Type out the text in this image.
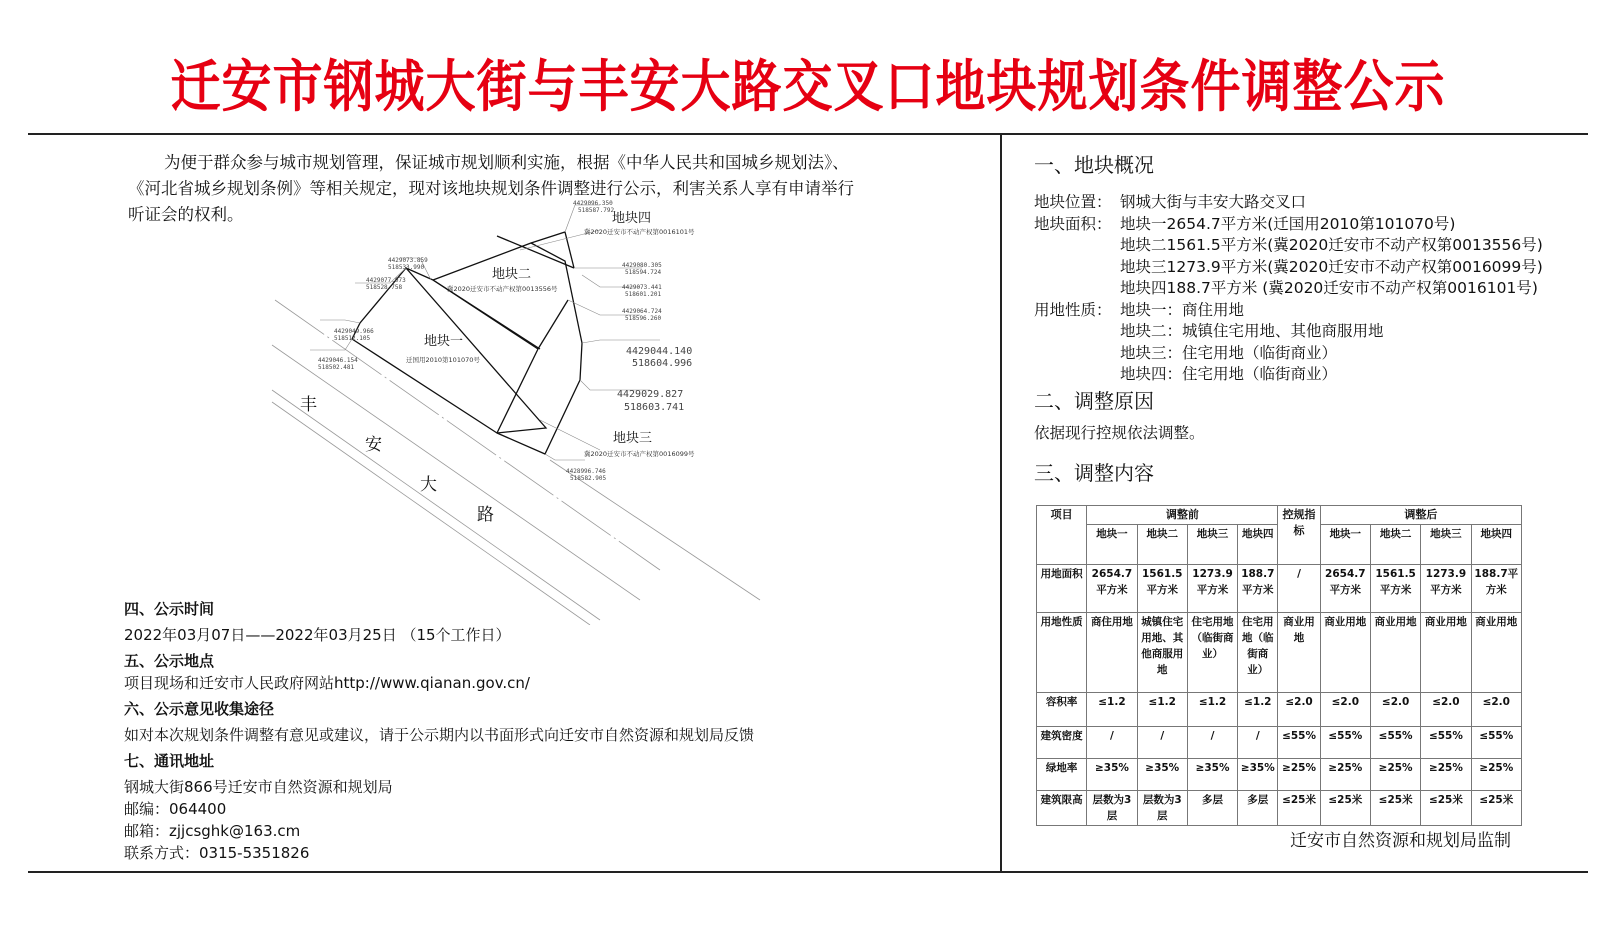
迁安市钢城大街与丰安大路交叉口地块规划条件调整公示
为便于群众参与城市规划管理，保证城市规划顺利实施，根据《中华人民共和国城乡规划法》、
《河北省城乡规划条例》等相关规定，现对该地块规划条件调整进行公示，利害关系人享有申请举行
听证会的权利。	地块四
冀2020迁安市不动产权第0016101号
地块二
冀2020迁安市不动产权第0013556号
地块一
迁国用2010第101070号
地块三
冀2020迁安市不动产权第0016099号
丰
安
大
路
4429096.350
518587.792
4429073.859
518533.990
4429077.073
518528.758
4429080.305
518594.724
4429073.441
518601.201
4429064.724
518596.260
4429049.966
518512.105
4429046.154
518502.481
4429044.140
518604.996
4429029.827
518603.741
4428996.746
518582.905
四、公示时间
2022年03月07日——2022年03月25日 （15个工作日）
五、公示地点
项目现场和迁安市人民政府网站http://www.qianan.gov.cn/
六、公示意见收集途径
如对本次规划条件调整有意见或建议，请于公示期内以书面形式向迁安市自然资源和规划局反馈
七、通讯地址
钢城大街866号迁安市自然资源和规划局
邮编：064400
邮箱：zjjcsghk@163.cm
联系方式：0315-5351826
一、地块概况
地块位置： 钢城大街与丰安大路交叉口
地块面积： 地块一2654.7平方米(迁国用2010第101070号)
地块二1561.5平方米(冀2020迁安市不动产权第0013556号)
地块三1273.9平方米(冀2020迁安市不动产权第0016099号)
地块四188.7平方米 (冀2020迁安市不动产权第0016101号)
用地性质： 地块一：商住用地
地块二：城镇住宅用地、其他商服用地
地块三：住宅用地（临街商业）
地块四：住宅用地（临街商业）
二、调整原因
依据现行控规依法调整。
三、调整内容
项目	调整前				控规指标	调整后			
	地块一	地块二	地块三	地块四		地块一	地块二	地块三	地块四
用地面积	2654.7平方米	1561.5平方米	1273.9平方米	188.7平方米	/	2654.7平方米	1561.5平方米	1273.9平方米	188.7平方米
用地性质	商住用地	城镇住宅用地、其他商服用地	住宅用地（临街商业）	住宅用地（临街商业）	商业用地	商业用地	商业用地	商业用地	商业用地
容积率	≤1.2	≤1.2	≤1.2	≤1.2	≤2.0	≤2.0	≤2.0	≤2.0	≤2.0
建筑密度	/	/	/	/	≤55%	≤55%	≤55%	≤55%	≤55%
绿地率	≥35%	≥35%	≥35%	≥35%	≥25%	≥25%	≥25%	≥25%	≥25%
建筑限高	层数为3层	层数为3层	多层	多层	≤25米	≤25米	≤25米	≤25米	≤25米
迁安市自然资源和规划局监制
